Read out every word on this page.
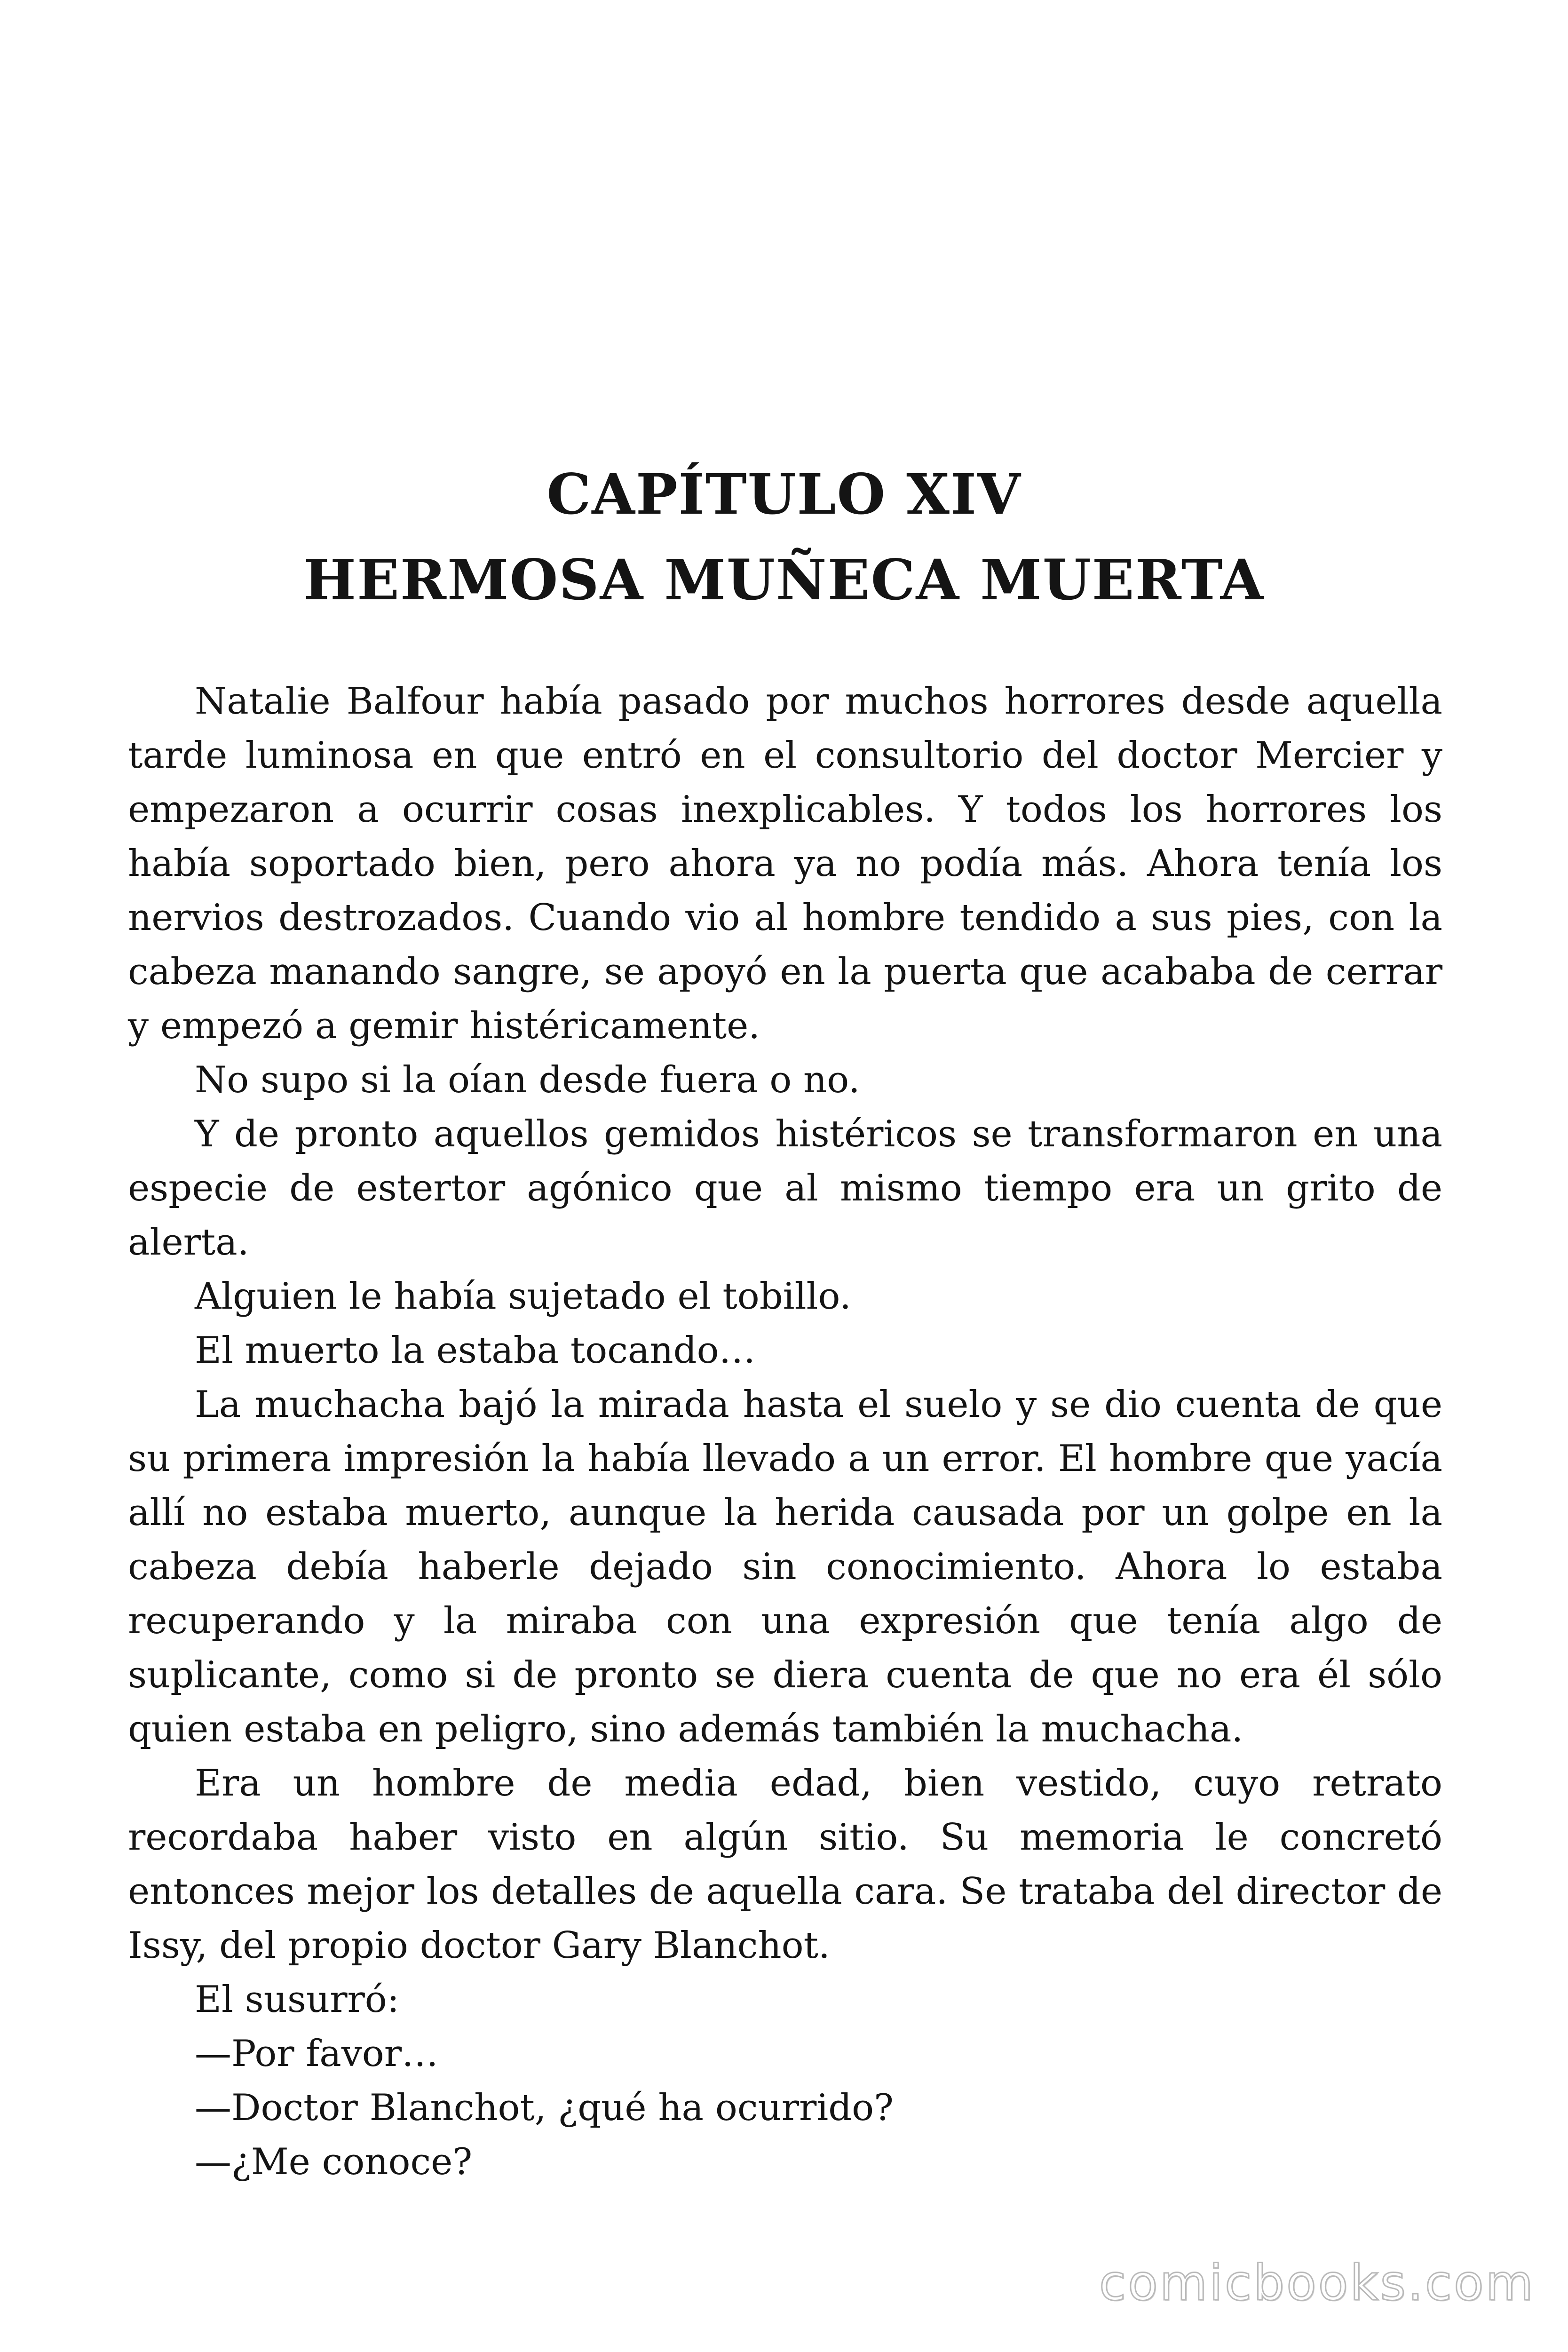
CAPÍTULO XIV
HERMOSA MUÑECA MUERTA

Natalie Balfour había pasado por muchos horrores desde aquella tarde luminosa en que entró en el consultorio del doctor Mercier y empezaron a ocurrir cosas inexplicables. Y todos los horrores los había soportado bien, pero ahora ya no podía más. Ahora tenía los nervios destrozados. Cuando vio al hombre tendido a sus pies, con la cabeza manando sangre, se apoyó en la puerta que acababa de cerrar y empezó a gemir histéricamente.

No supo si la oían desde fuera o no.

Y de pronto aquellos gemidos histéricos se transformaron en una especie de estertor agónico que al mismo tiempo era un grito de alerta.

Alguien le había sujetado el tobillo.

El muerto la estaba tocando…

La muchacha bajó la mirada hasta el suelo y se dio cuenta de que su primera impresión la había llevado a un error. El hombre que yacía allí no estaba muerto, aunque la herida causada por un golpe en la cabeza debía haberle dejado sin conocimiento. Ahora lo estaba recuperando y la miraba con una expresión que tenía algo de suplicante, como si de pronto se diera cuenta de que no era él sólo quien estaba en peligro, sino además también la muchacha.

Era un hombre de media edad, bien vestido, cuyo retrato recordaba haber visto en algún sitio. Su memoria le concretó entonces mejor los detalles de aquella cara. Se trataba del director de Issy, del propio doctor Gary Blanchot.

El susurró:

—Por favor…

—Doctor Blanchot, ¿qué ha ocurrido?

—¿Me conoce?

comicbooks.com
